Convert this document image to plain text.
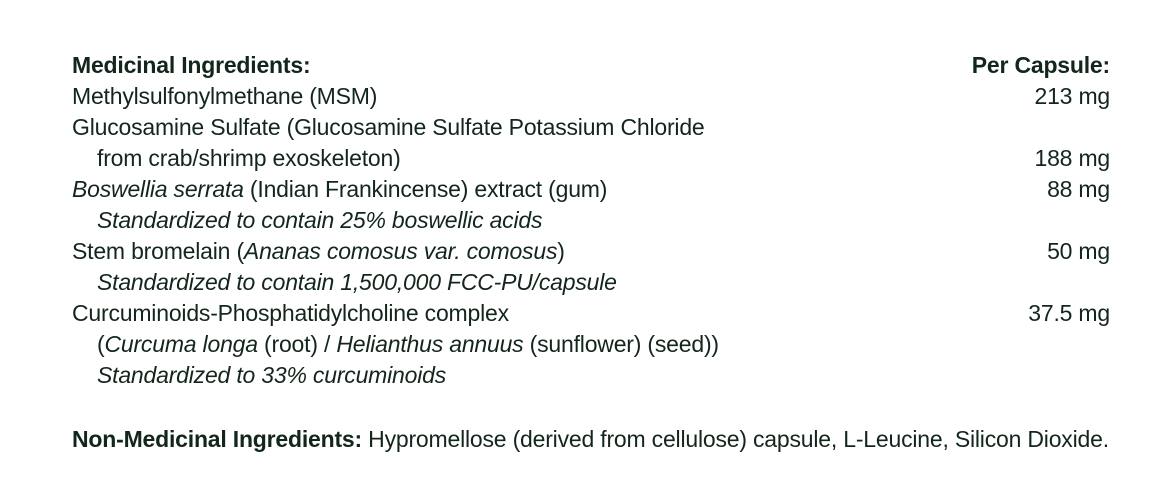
Medicinal Ingredients:	Per Capsule:
Methylsulfonylmethane (MSM)	213 mg
Glucosamine Sulfate (Glucosamine Sulfate Potassium Chloride
from crab/shrimp exoskeleton)	188 mg
Boswellia serrata (Indian Frankincense) extract (gum)	88 mg
Standardized to contain 25% boswellic acids
Stem bromelain (Ananas comosus var. comosus)	50 mg
Standardized to contain 1,500,000 FCC-PU/capsule
Curcuminoids-Phosphatidylcholine complex	37.5 mg
(Curcuma longa (root) / Helianthus annuus (sunflower) (seed))
Standardized to 33% curcuminoids
Non-Medicinal Ingredients: Hypromellose (derived from cellulose) capsule, L-Leucine, Silicon Dioxide.
